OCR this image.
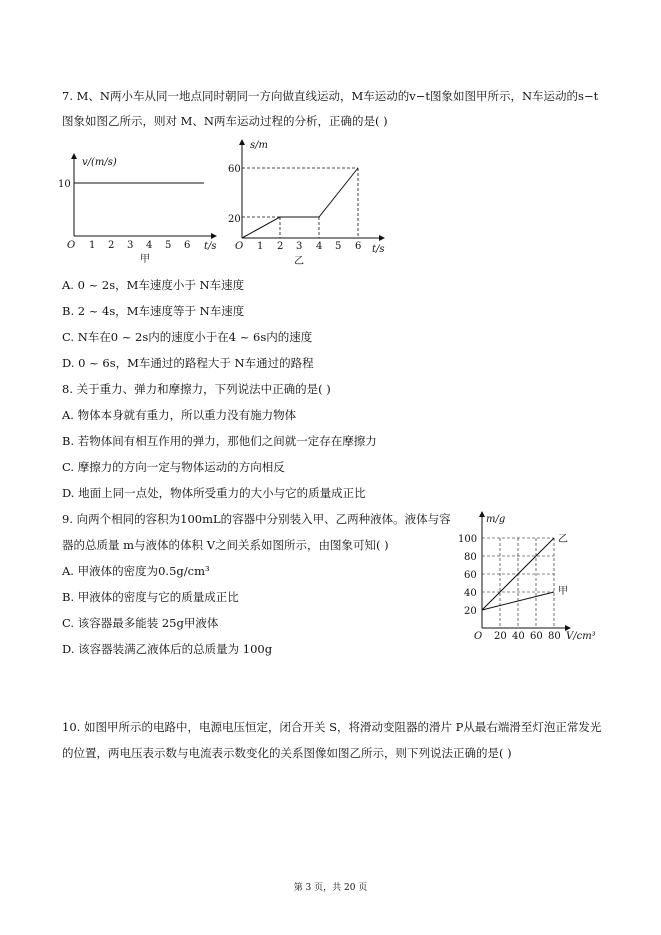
7. M、N两小车从同一地点同时朝同一方向做直线运动，M车运动的v−t图象如图甲所示，N车运动的s−t
图象如图乙所示，则对 M、N两车运动过程的分析，正确的是( )
v/(m/s)
10
O 1 2 3 4 5 6 t/s
甲
s/m
60
20
O 1 2 3 4 5 6 t/s
乙
A. 0 ~ 2s，M车速度小于 N车速度
B. 2 ~ 4s，M车速度等于 N车速度
C. N车在0 ~ 2s内的速度小于在4 ~ 6s内的速度
D. 0 ~ 6s，M车通过的路程大于 N车通过的路程
8. 关于重力、弹力和摩擦力，下列说法中正确的是( )
A. 物体本身就有重力，所以重力没有施力物体
B. 若物体间有相互作用的弹力，那他们之间就一定存在摩擦力
C. 摩擦力的方向一定与物体运动的方向相反
D. 地面上同一点处，物体所受重力的大小与它的质量成正比
9. 向两个相同的容积为100mL的容器中分别装入甲、乙两种液体。液体与容
器的总质量 m与液体的体积 V之间关系如图所示，由图象可知( )
A. 甲液体的密度为0.5g/cm³
B. 甲液体的密度与它的质量成正比
C. 该容器最多能装 25g甲液体
D. 该容器装满乙液体后的总质量为 100g
m/g
100
80
60
40
20
乙
甲
O 20 40 60 80 V/cm³
10. 如图甲所示的电路中，电源电压恒定，闭合开关 S，将滑动变阻器的滑片 P从最右端滑至灯泡正常发光
的位置，两电压表示数与电流表示数变化的关系图像如图乙所示，则下列说法正确的是( )
第 3 页，共 20 页
